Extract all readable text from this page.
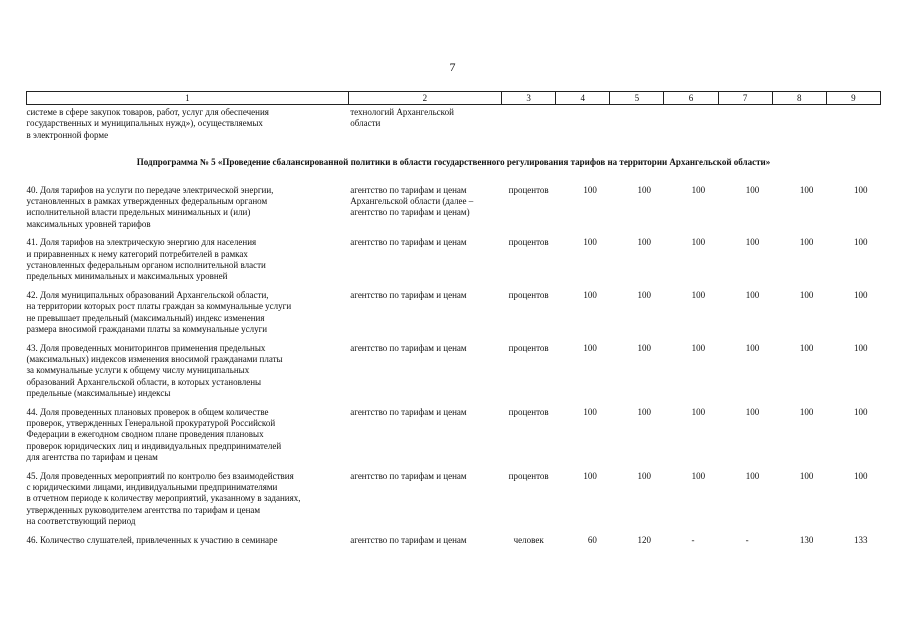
7
1	2	3	4	5	6	7	8	9

системе в сфере закупок товаров, работ, услуг для обеспечения
государственных и муниципальных нужд»), осуществляемых
в электронной форме	технологий Архангельской
области							

Подпрограмма № 5 «Проведение сбалансированной политики в области государственного регулирования тарифов на территории Архангельской области»								

40. Доля тарифов на услуги по передаче электрической энергии,
установленных в рамках утвержденных федеральным органом
исполнительной власти предельных минимальных и (или)
максимальных уровней тарифов	агентство по тарифам и ценам
Архангельской области (далее –
агентство по тарифам и ценам)	процентов	100	100	100	100	100	100

41. Доля тарифов на электрическую энергию для населения
и приравненных к нему категорий потребителей в рамках
установленных федеральным органом исполнительной власти
предельных минимальных и максимальных уровней	агентство по тарифам и ценам	процентов	100	100	100	100	100	100

42. Доля муниципальных образований Архангельской области,
на территории которых рост платы граждан за коммунальные услуги
не превышает предельный (максимальный) индекс изменения
размера вносимой гражданами платы за коммунальные услуги	агентство по тарифам и ценам	процентов	100	100	100	100	100	100

43. Доля проведенных мониторингов применения предельных
(максимальных) индексов изменения вносимой гражданами платы
за коммунальные услуги к общему числу муниципальных
образований Архангельской области, в которых установлены
предельные (максимальные) индексы	агентство по тарифам и ценам	процентов	100	100	100	100	100	100

44. Доля проведенных плановых проверок в общем количестве
проверок, утвержденных Генеральной прокуратурой Российской
Федерации в ежегодном сводном плане проведения плановых
проверок юридических лиц и индивидуальных предпринимателей
для агентства по тарифам и ценам	агентство по тарифам и ценам	процентов	100	100	100	100	100	100

45. Доля проведенных мероприятий по контролю без взаимодействия
с юридическими лицами, индивидуальными предпринимателями
в отчетном периоде к количеству мероприятий, указанному в заданиях,
утвержденных руководителем агентства по тарифам и ценам
на соответствующий период	агентство по тарифам и ценам	процентов	100	100	100	100	100	100

46. Количество слушателей, привлеченных к участию в семинаре	агентство по тарифам и ценам	человек	60	120	-	-	130	133
